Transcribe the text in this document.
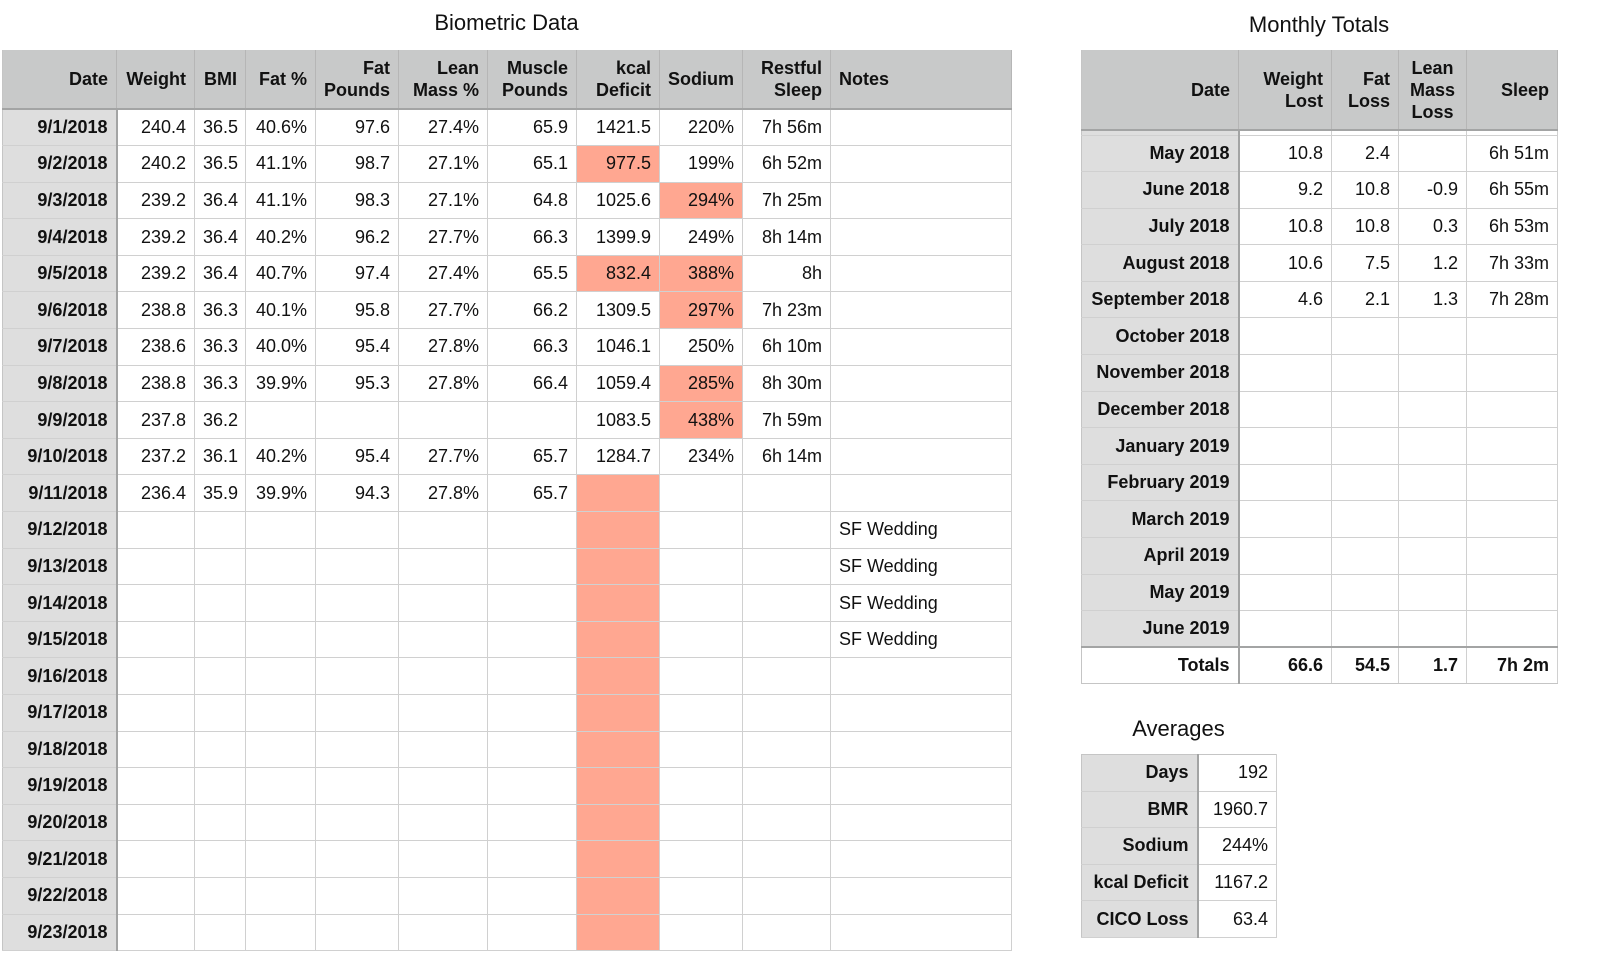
Biometric Data
Date	Weight	BMI	Fat %	Fat Pounds	Lean Mass %	Muscle Pounds	kcal Deficit	Sodium	Restful Sleep	Notes
9/1/2018	240.4	36.5	40.6%	97.6	27.4%	65.9	1421.5	220%	7h 56m	
9/2/2018	240.2	36.5	41.1%	98.7	27.1%	65.1	977.5	199%	6h 52m	
9/3/2018	239.2	36.4	41.1%	98.3	27.1%	64.8	1025.6	294%	7h 25m	
9/4/2018	239.2	36.4	40.2%	96.2	27.7%	66.3	1399.9	249%	8h 14m	
9/5/2018	239.2	36.4	40.7%	97.4	27.4%	65.5	832.4	388%	8h	
9/6/2018	238.8	36.3	40.1%	95.8	27.7%	66.2	1309.5	297%	7h 23m	
9/7/2018	238.6	36.3	40.0%	95.4	27.8%	66.3	1046.1	250%	6h 10m	
9/8/2018	238.8	36.3	39.9%	95.3	27.8%	66.4	1059.4	285%	8h 30m	
9/9/2018	237.8	36.2					1083.5	438%	7h 59m	
9/10/2018	237.2	36.1	40.2%	95.4	27.7%	65.7	1284.7	234%	6h 14m	
9/11/2018	236.4	35.9	39.9%	94.3	27.8%	65.7				
9/12/2018										SF Wedding
9/13/2018										SF Wedding
9/14/2018										SF Wedding
9/15/2018										SF Wedding
9/16/2018										
9/17/2018										
9/18/2018										
9/19/2018										
9/20/2018										
9/21/2018										
9/22/2018										
9/23/2018										
Monthly Totals
Date	Weight Lost	Fat Loss	Lean Mass Loss	Sleep

May 2018	10.8	2.4		6h 51m
June 2018	9.2	10.8	-0.9	6h 55m
July 2018	10.8	10.8	0.3	6h 53m
August 2018	10.6	7.5	1.2	7h 33m
September 2018	4.6	2.1	1.3	7h 28m
October 2018				
November 2018				
December 2018				
January 2019				
February 2019				
March 2019				
April 2019				
May 2019				
June 2019				
Totals	66.6	54.5	1.7	7h 2m
Averages
Days	192
BMR	1960.7
Sodium	244%
kcal Deficit	1167.2
CICO Loss	63.4
